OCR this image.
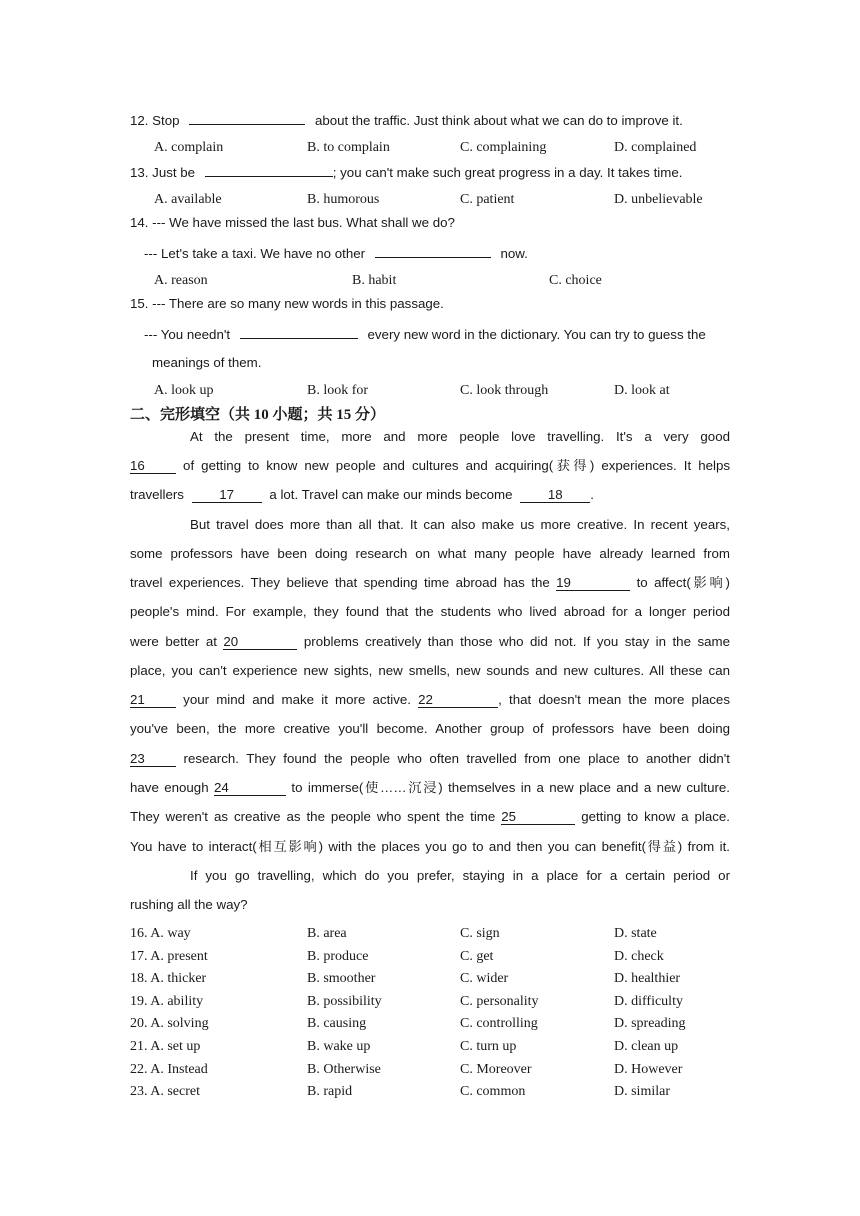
12. Stop	about the traffic. Just think about what we can do to improve it.
A. complain	B. to complain	C. complaining	D. complained
13. Just be	; you can't make such great progress in a day. It takes time.
A. available	B. humorous	C. patient	D. unbelievable
14. --- We have missed the last bus. What shall we do?
--- Let's take a taxi. We have no other	now.
A. reason	B. habit	C. choice
15. --- There are so many new words in this passage.
--- You needn't	every new word in the dictionary. You can try to guess the
meanings of them.
A. look up	B. look for	C. look through	D. look at
二、完形填空（共 10 小题；共 15 分）
At the present time, more and more people love travelling. It's a very good
16	of getting to know new people and cultures and acquiring(获得) experiences. It helps
travellers	17	a lot. Travel can make our minds become	18 .
But travel does more than all that. It can also make us more creative. In recent years,
some professors have been doing research on what many people have already learned from
travel experiences. They believe that spending time abroad has the 19	to affect(影响)
people's mind. For example, they found that the students who lived abroad for a longer period
were better at 20	problems creatively than those who did not. If you stay in the same
place, you can't experience new sights, new smells, new sounds and new cultures. All these can
21	your mind and make it more active. 22	, that doesn't mean the more places
you've been, the more creative you'll become. Another group of professors have been doing
23	research. They found the people who often travelled from one place to another didn't
have enough 24	to immerse(使……沉浸) themselves in a new place and a new culture.
They weren't as creative as the people who spent the time 25	getting to know a place.
You have to interact(相互影响) with the places you go to and then you can benefit(得益) from it.
If you go travelling, which do you prefer, staying in a place for a certain period or
rushing all the way?
16. A. way	B. area	C. sign	D. state
17. A. present	B. produce	C. get	D. check
18. A. thicker	B. smoother	C. wider	D. healthier
19. A. ability	B. possibility	C. personality	D. difficulty
20. A. solving	B. causing	C. controlling	D. spreading
21. A. set up	B. wake up	C. turn up	D. clean up
22. A. Instead	B. Otherwise	C. Moreover	D. However
23. A. secret	B. rapid	C. common	D. similar
